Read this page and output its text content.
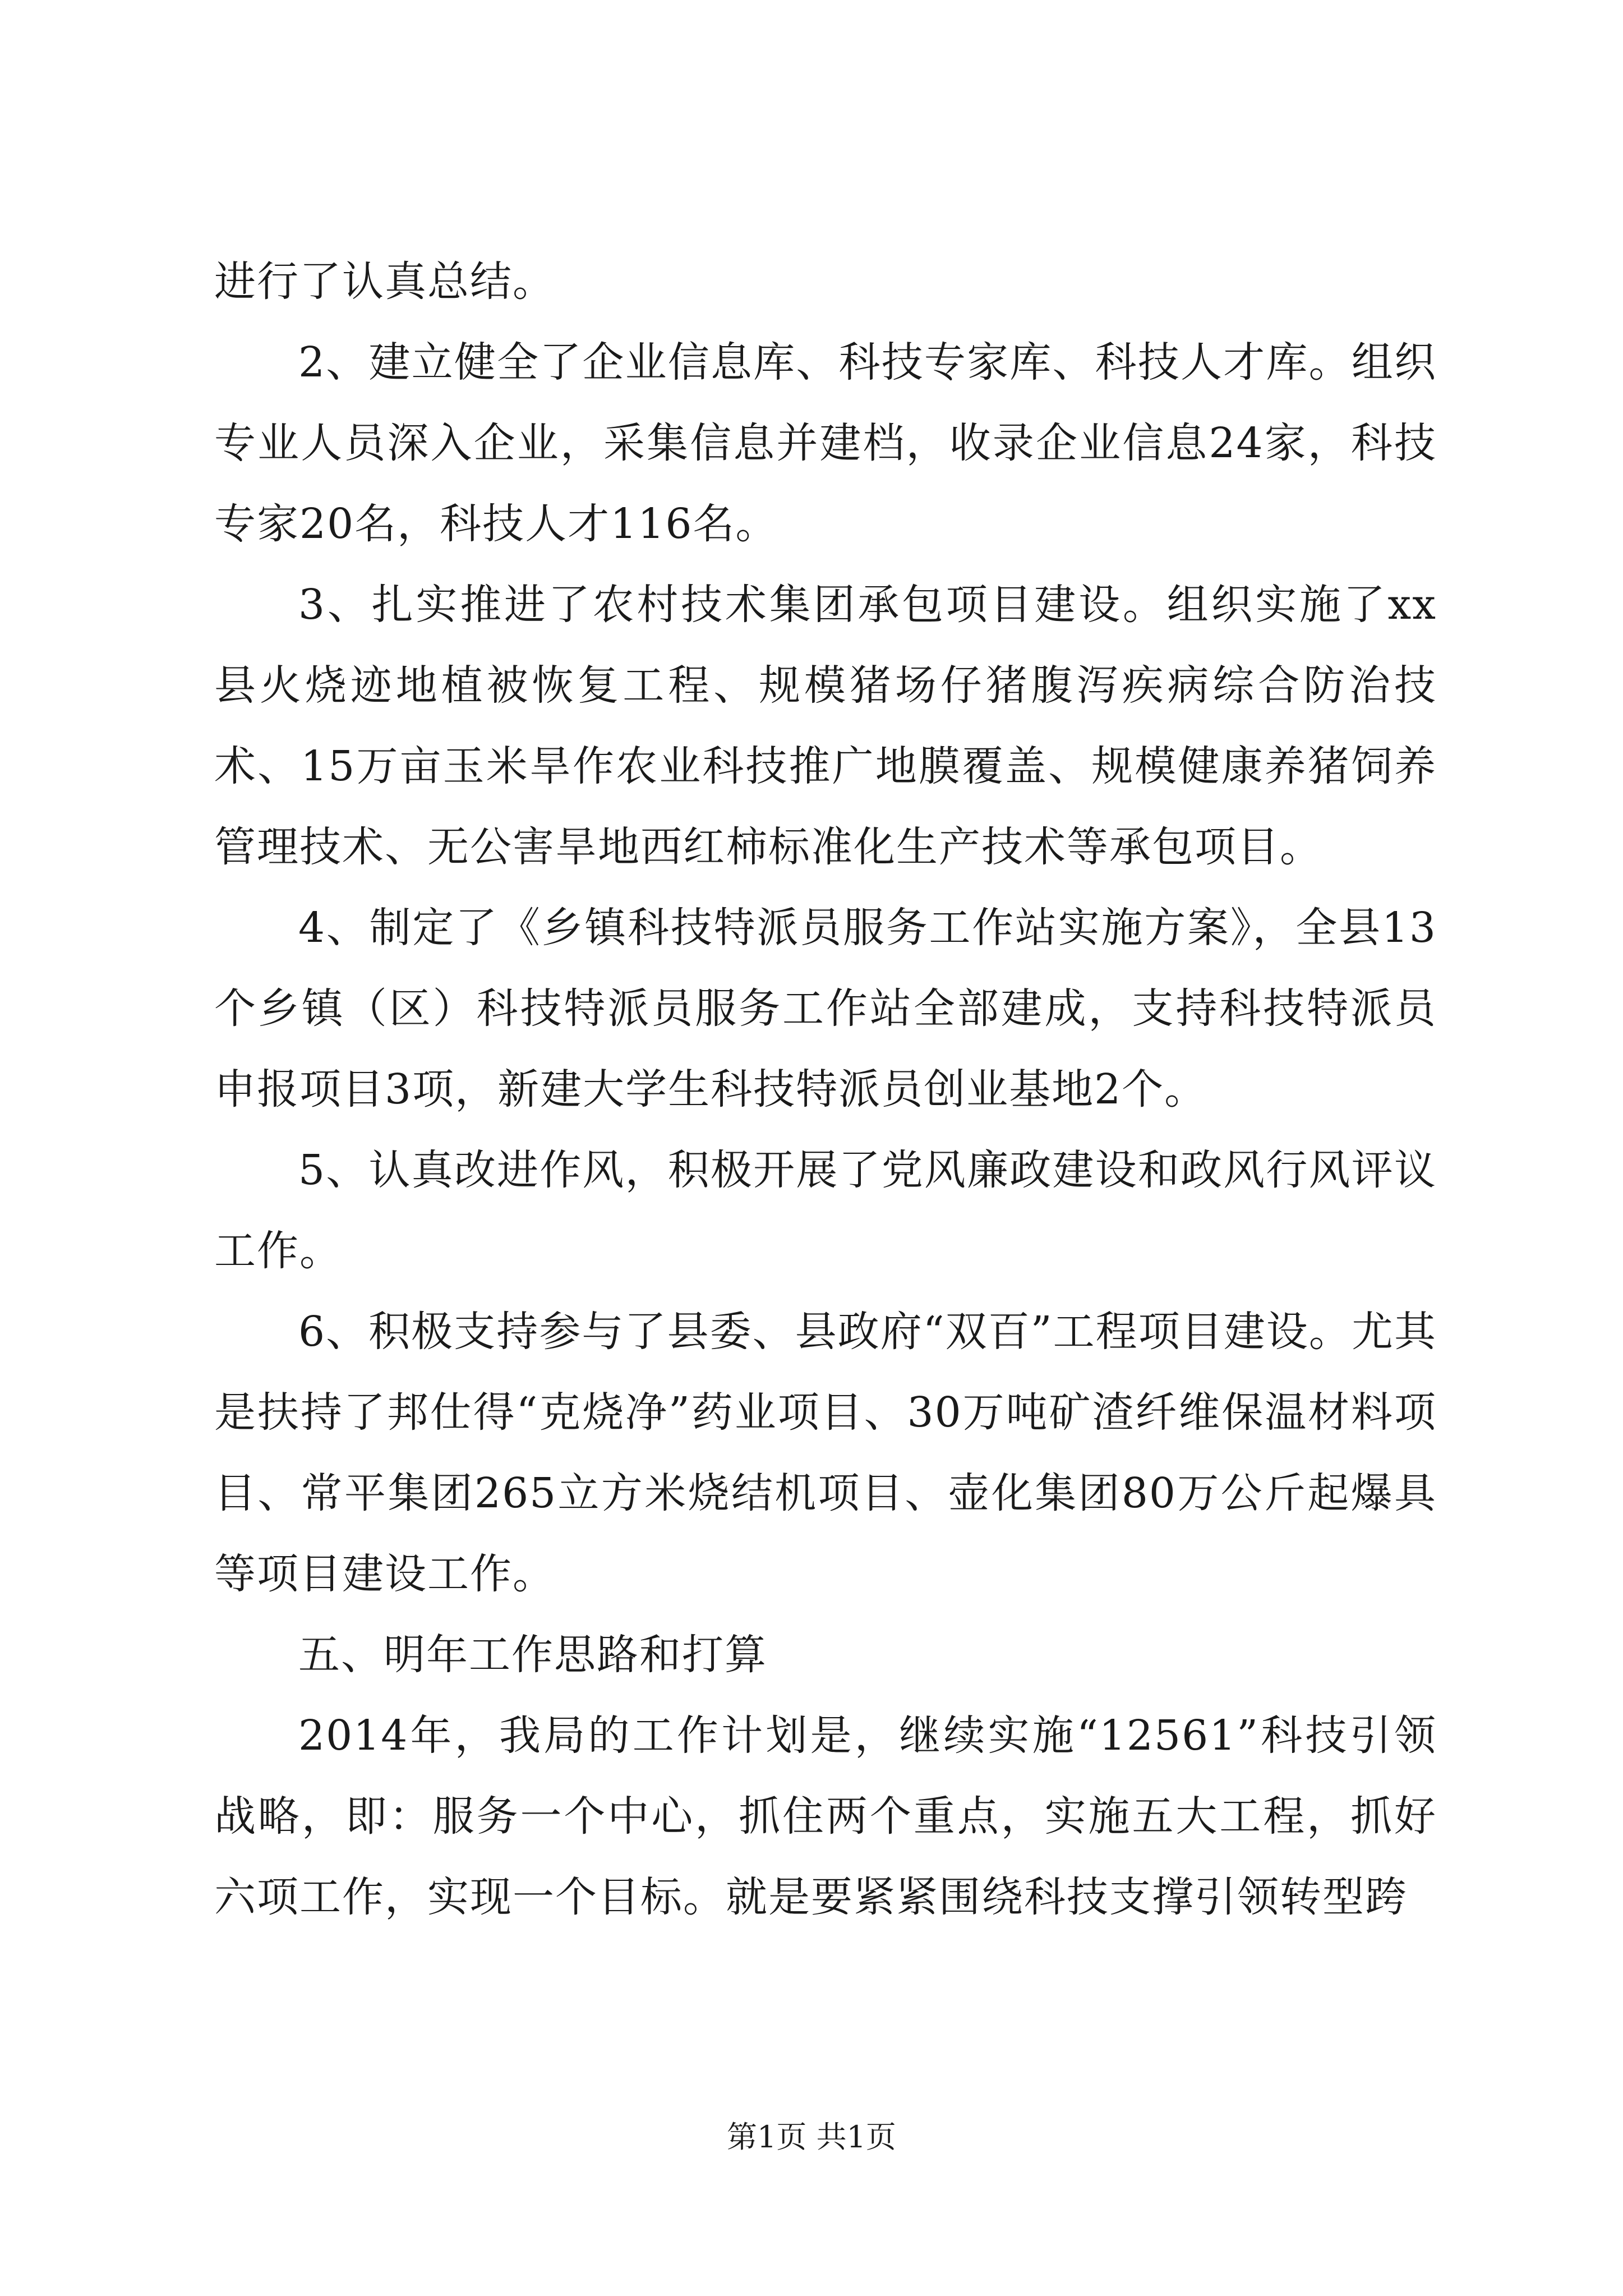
进行了认真总结。

2、建立健全了企业信息库、科技专家库、科技人才库。组织专业人员深入企业，采集信息并建档，收录企业信息24家，科技专家20名，科技人才116名。

3、扎实推进了农村技术集团承包项目建设。组织实施了xx县火烧迹地植被恢复工程、规模猪场仔猪腹泻疾病综合防治技术、15万亩玉米旱作农业科技推广地膜覆盖、规模健康养猪饲养管理技术、无公害旱地西红柿标准化生产技术等承包项目。

4、制定了《乡镇科技特派员服务工作站实施方案》，全县13个乡镇（区）科技特派员服务工作站全部建成，支持科技特派员申报项目3项，新建大学生科技特派员创业基地2个。

5、认真改进作风，积极开展了党风廉政建设和政风行风评议工作。

6、积极支持参与了县委、县政府“双百”工程项目建设。尤其是扶持了邦仕得“克烧净”药业项目、30万吨矿渣纤维保温材料项目、常平集团265立方米烧结机项目、壶化集团80万公斤起爆具等项目建设工作。

五、明年工作思路和打算

2014年，我局的工作计划是，继续实施“12561”科技引领战略，即：服务一个中心，抓住两个重点，实施五大工程，抓好六项工作，实现一个目标。就是要紧紧围绕科技支撑引领转型跨

第1页 共1页
